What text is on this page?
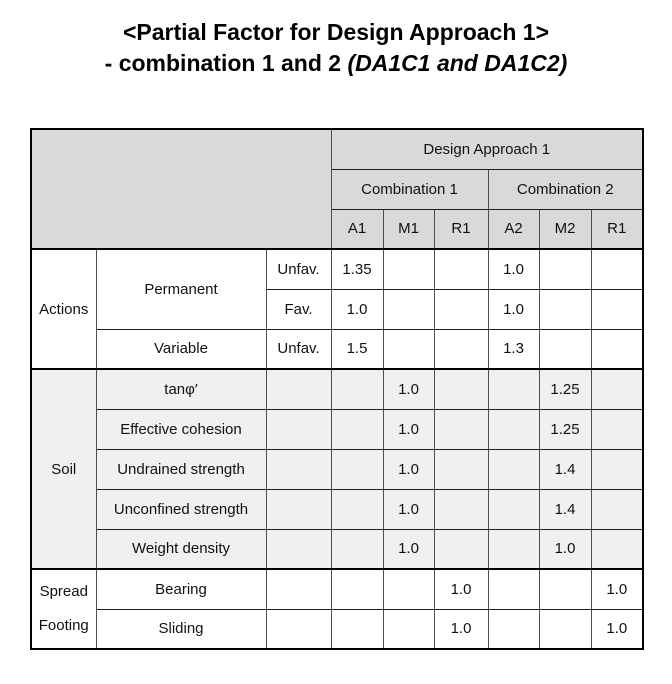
<Partial Factor for Design Approach 1>
- combination 1 and 2 (DA1C1 and DA1C2)
			Design Approach 1					
			Combination 1			Combination 2		
			A1	M1	R1	A2	M2	R1
Actions	Permanent	Unfav.	1.35			1.0		
		Fav.	1.0			1.0		
	Variable	Unfav.	1.5			1.3		
Soil	tanφ′			1.0			1.25	
	Effective cohesion			1.0			1.25	
	Undrained strength			1.0			1.4	
	Unconfined strength			1.0			1.4	
	Weight density			1.0			1.0	
Spread Footing	Bearing				1.0			1.0
	Sliding				1.0			1.0
